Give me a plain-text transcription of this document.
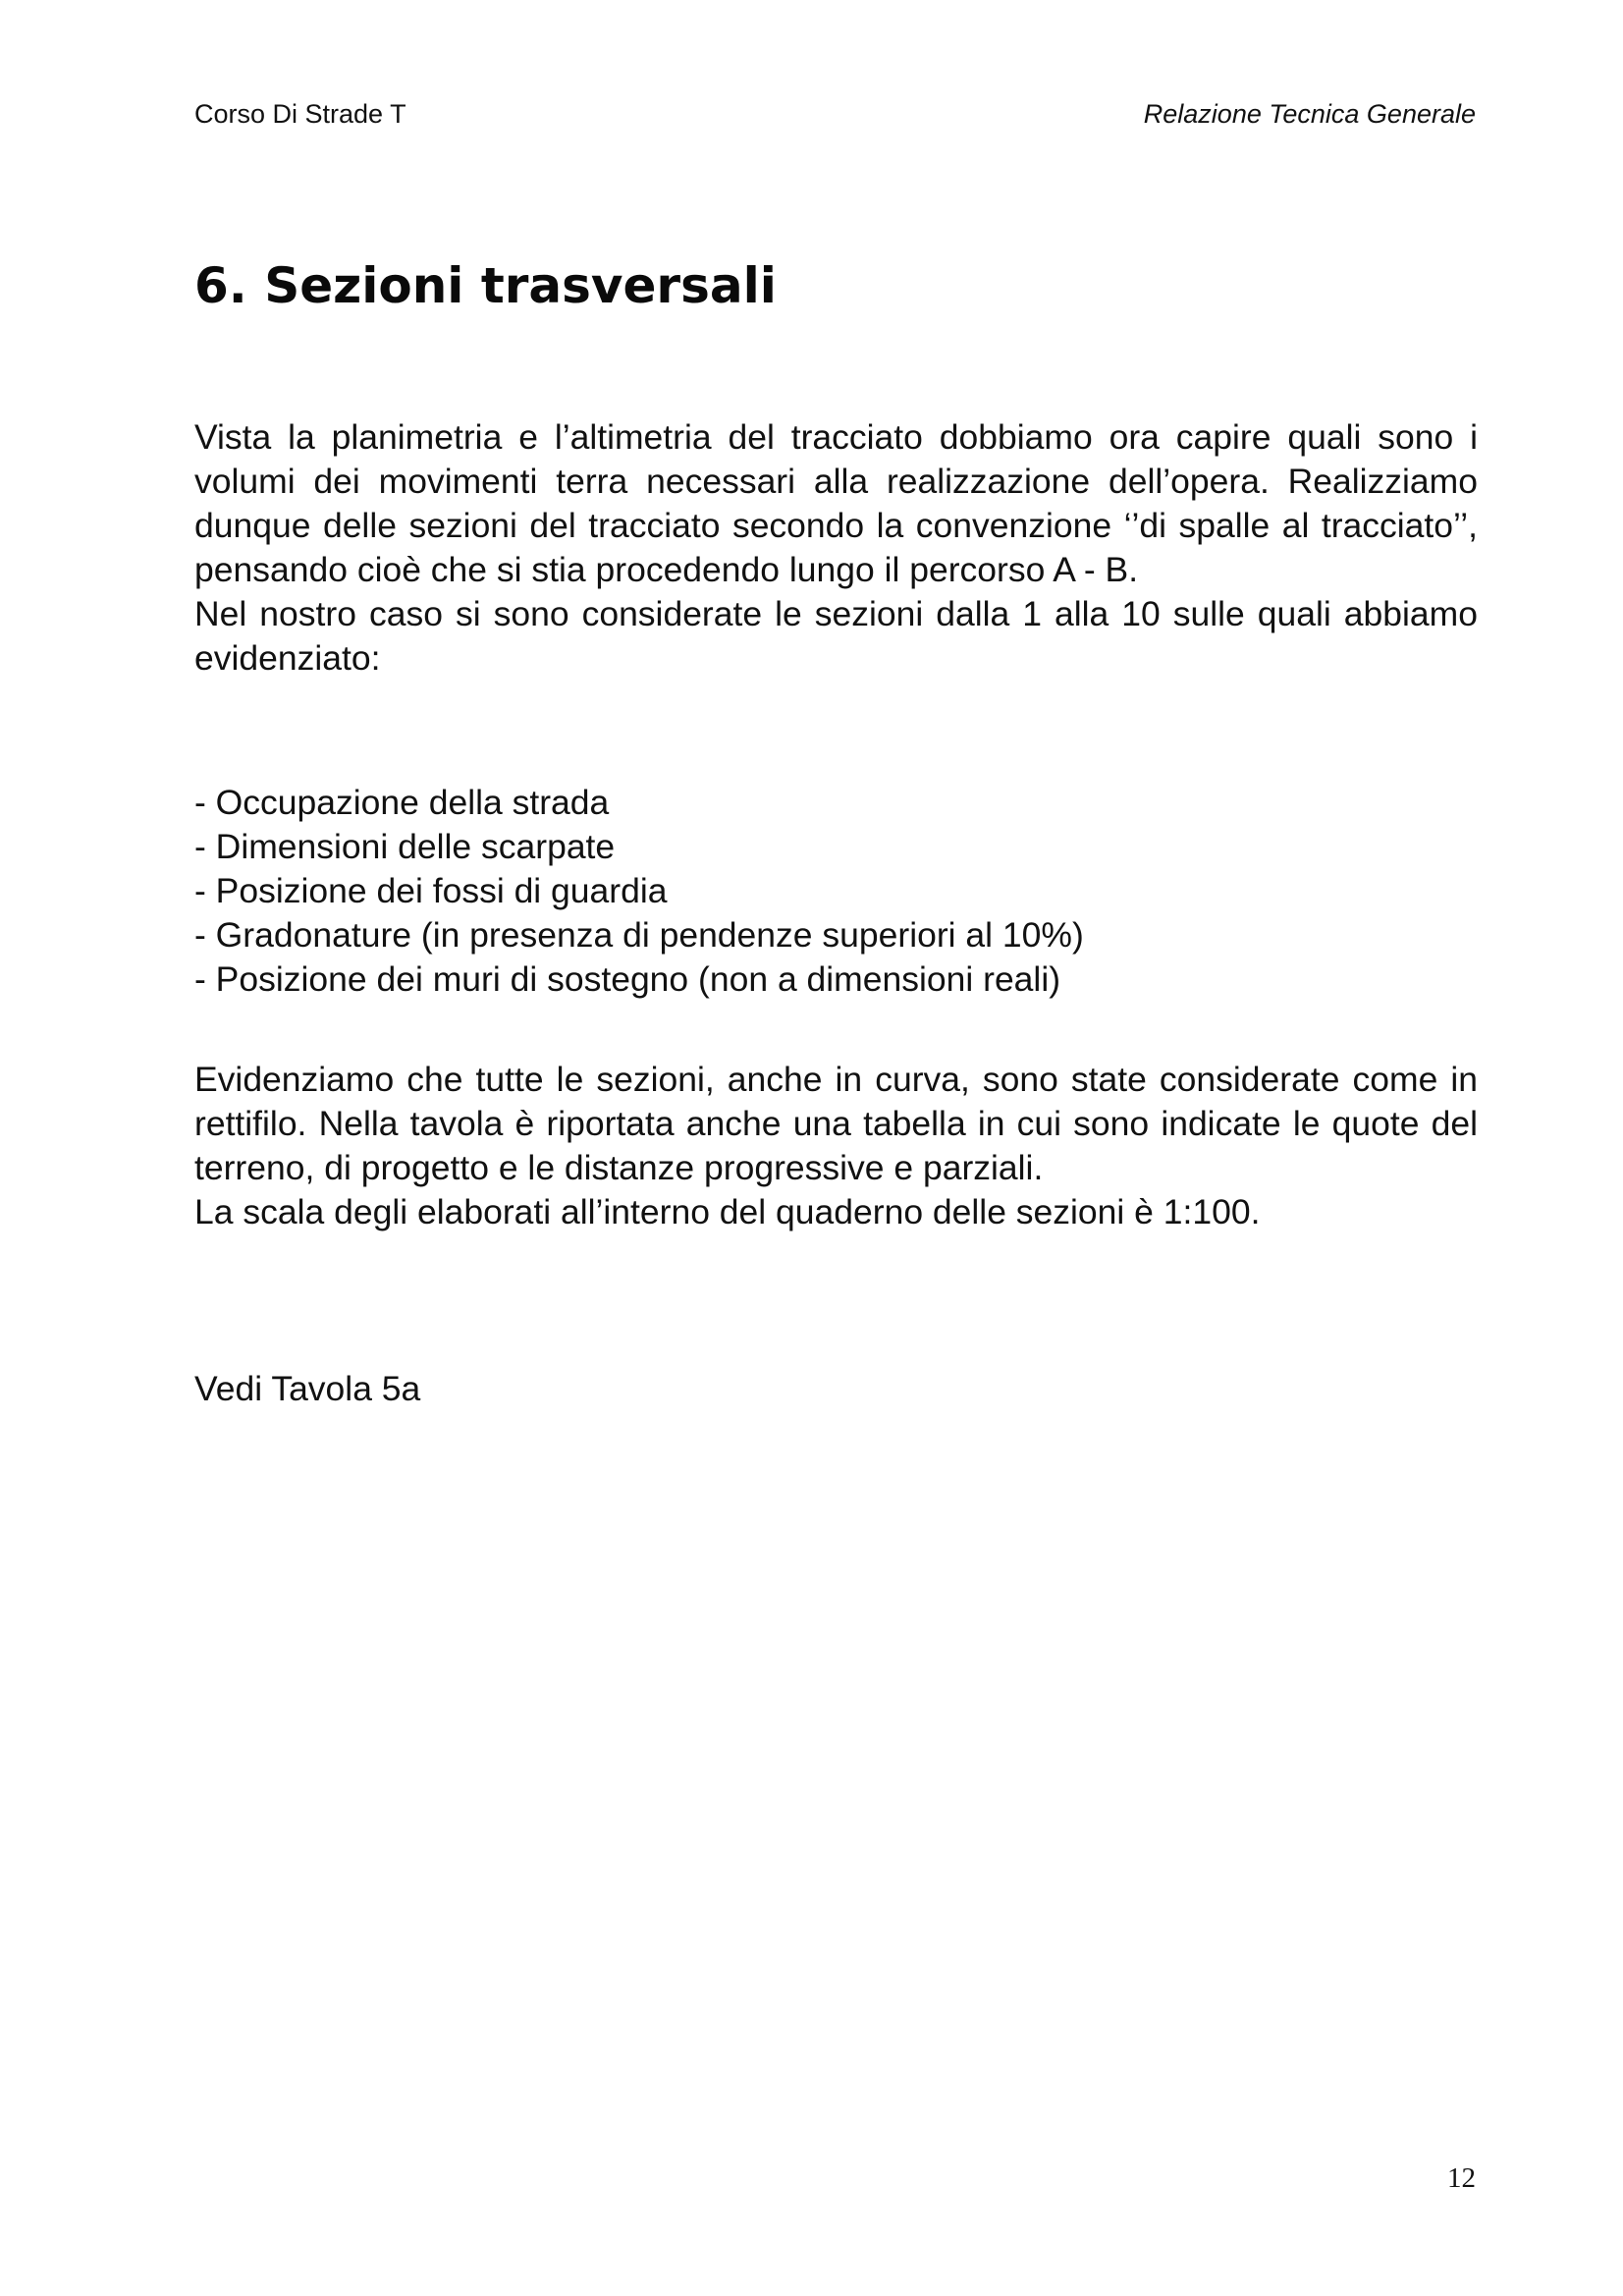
Corso Di Strade T	Relazione Tecnica Generale
6. Sezioni trasversali

Vista la planimetria e l’altimetria del tracciato dobbiamo ora capire quali sono i volumi dei movimenti terra necessari alla realizzazione dell’opera. Realizziamo dunque delle sezioni del tracciato secondo la convenzione ‘’di spalle al tracciato’’, pensando cioè che si stia procedendo lungo il percorso A - B.

Nel nostro caso si sono considerate le sezioni dalla 1 alla 10 sulle quali abbiamo evidenziato:

- Occupazione della strada
- Dimensioni delle scarpate
- Posizione dei fossi di guardia
- Gradonature (in presenza di pendenze superiori al 10%)
- Posizione dei muri di sostegno (non a dimensioni reali)

Evidenziamo che tutte le sezioni, anche in curva, sono state considerate come in rettifilo. Nella tavola è riportata anche una tabella in cui sono indicate le quote del terreno, di progetto e le distanze progressive e parziali.

La scala degli elaborati all’interno del quaderno delle sezioni è 1:100.

Vedi Tavola 5a
12
